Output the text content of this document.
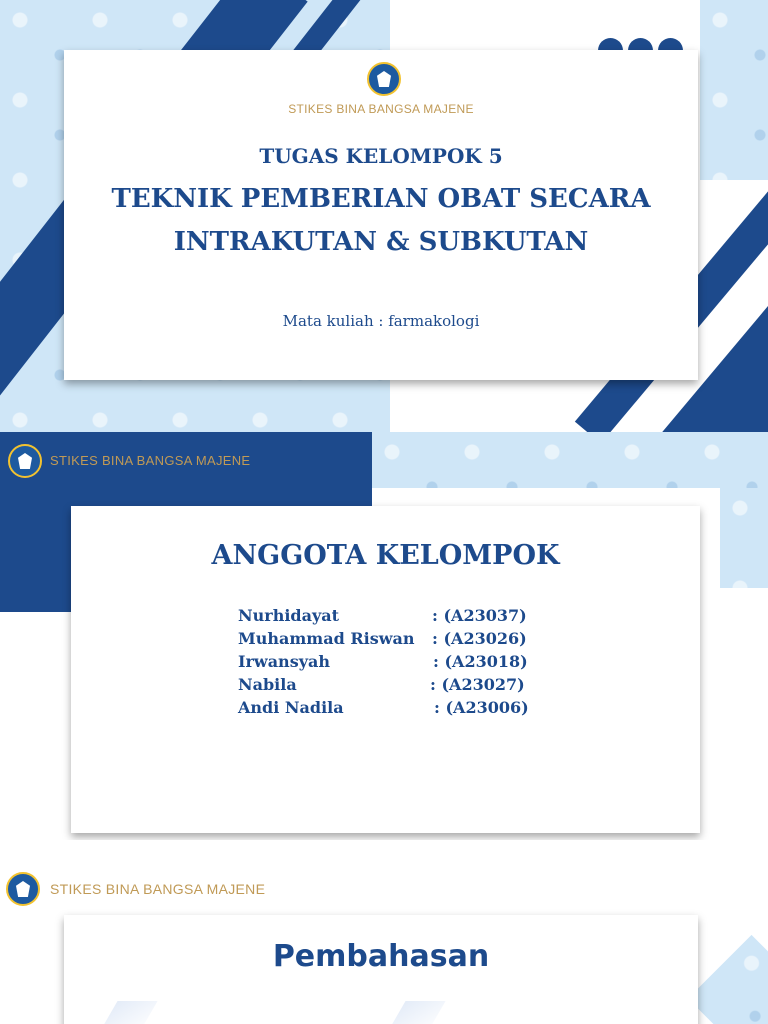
STIKES BINA BANGSA MAJENE
TUGAS KELOMPOK 5
TEKNIK PEMBERIAN OBAT SECARA
INTRAKUTAN & SUBKUTAN
Mata kuliah : farmakologi
STIKES BINA BANGSA MAJENE
ANGGOTA KELOMPOK
Nurhidayat	: (A23037)
Muhammad Riswan : (A23026)
Irwansyah	: (A23018)
Nabila	: (A23027)
Andi Nadila	: (A23006)
STIKES BINA BANGSA MAJENE
Pembahasan
